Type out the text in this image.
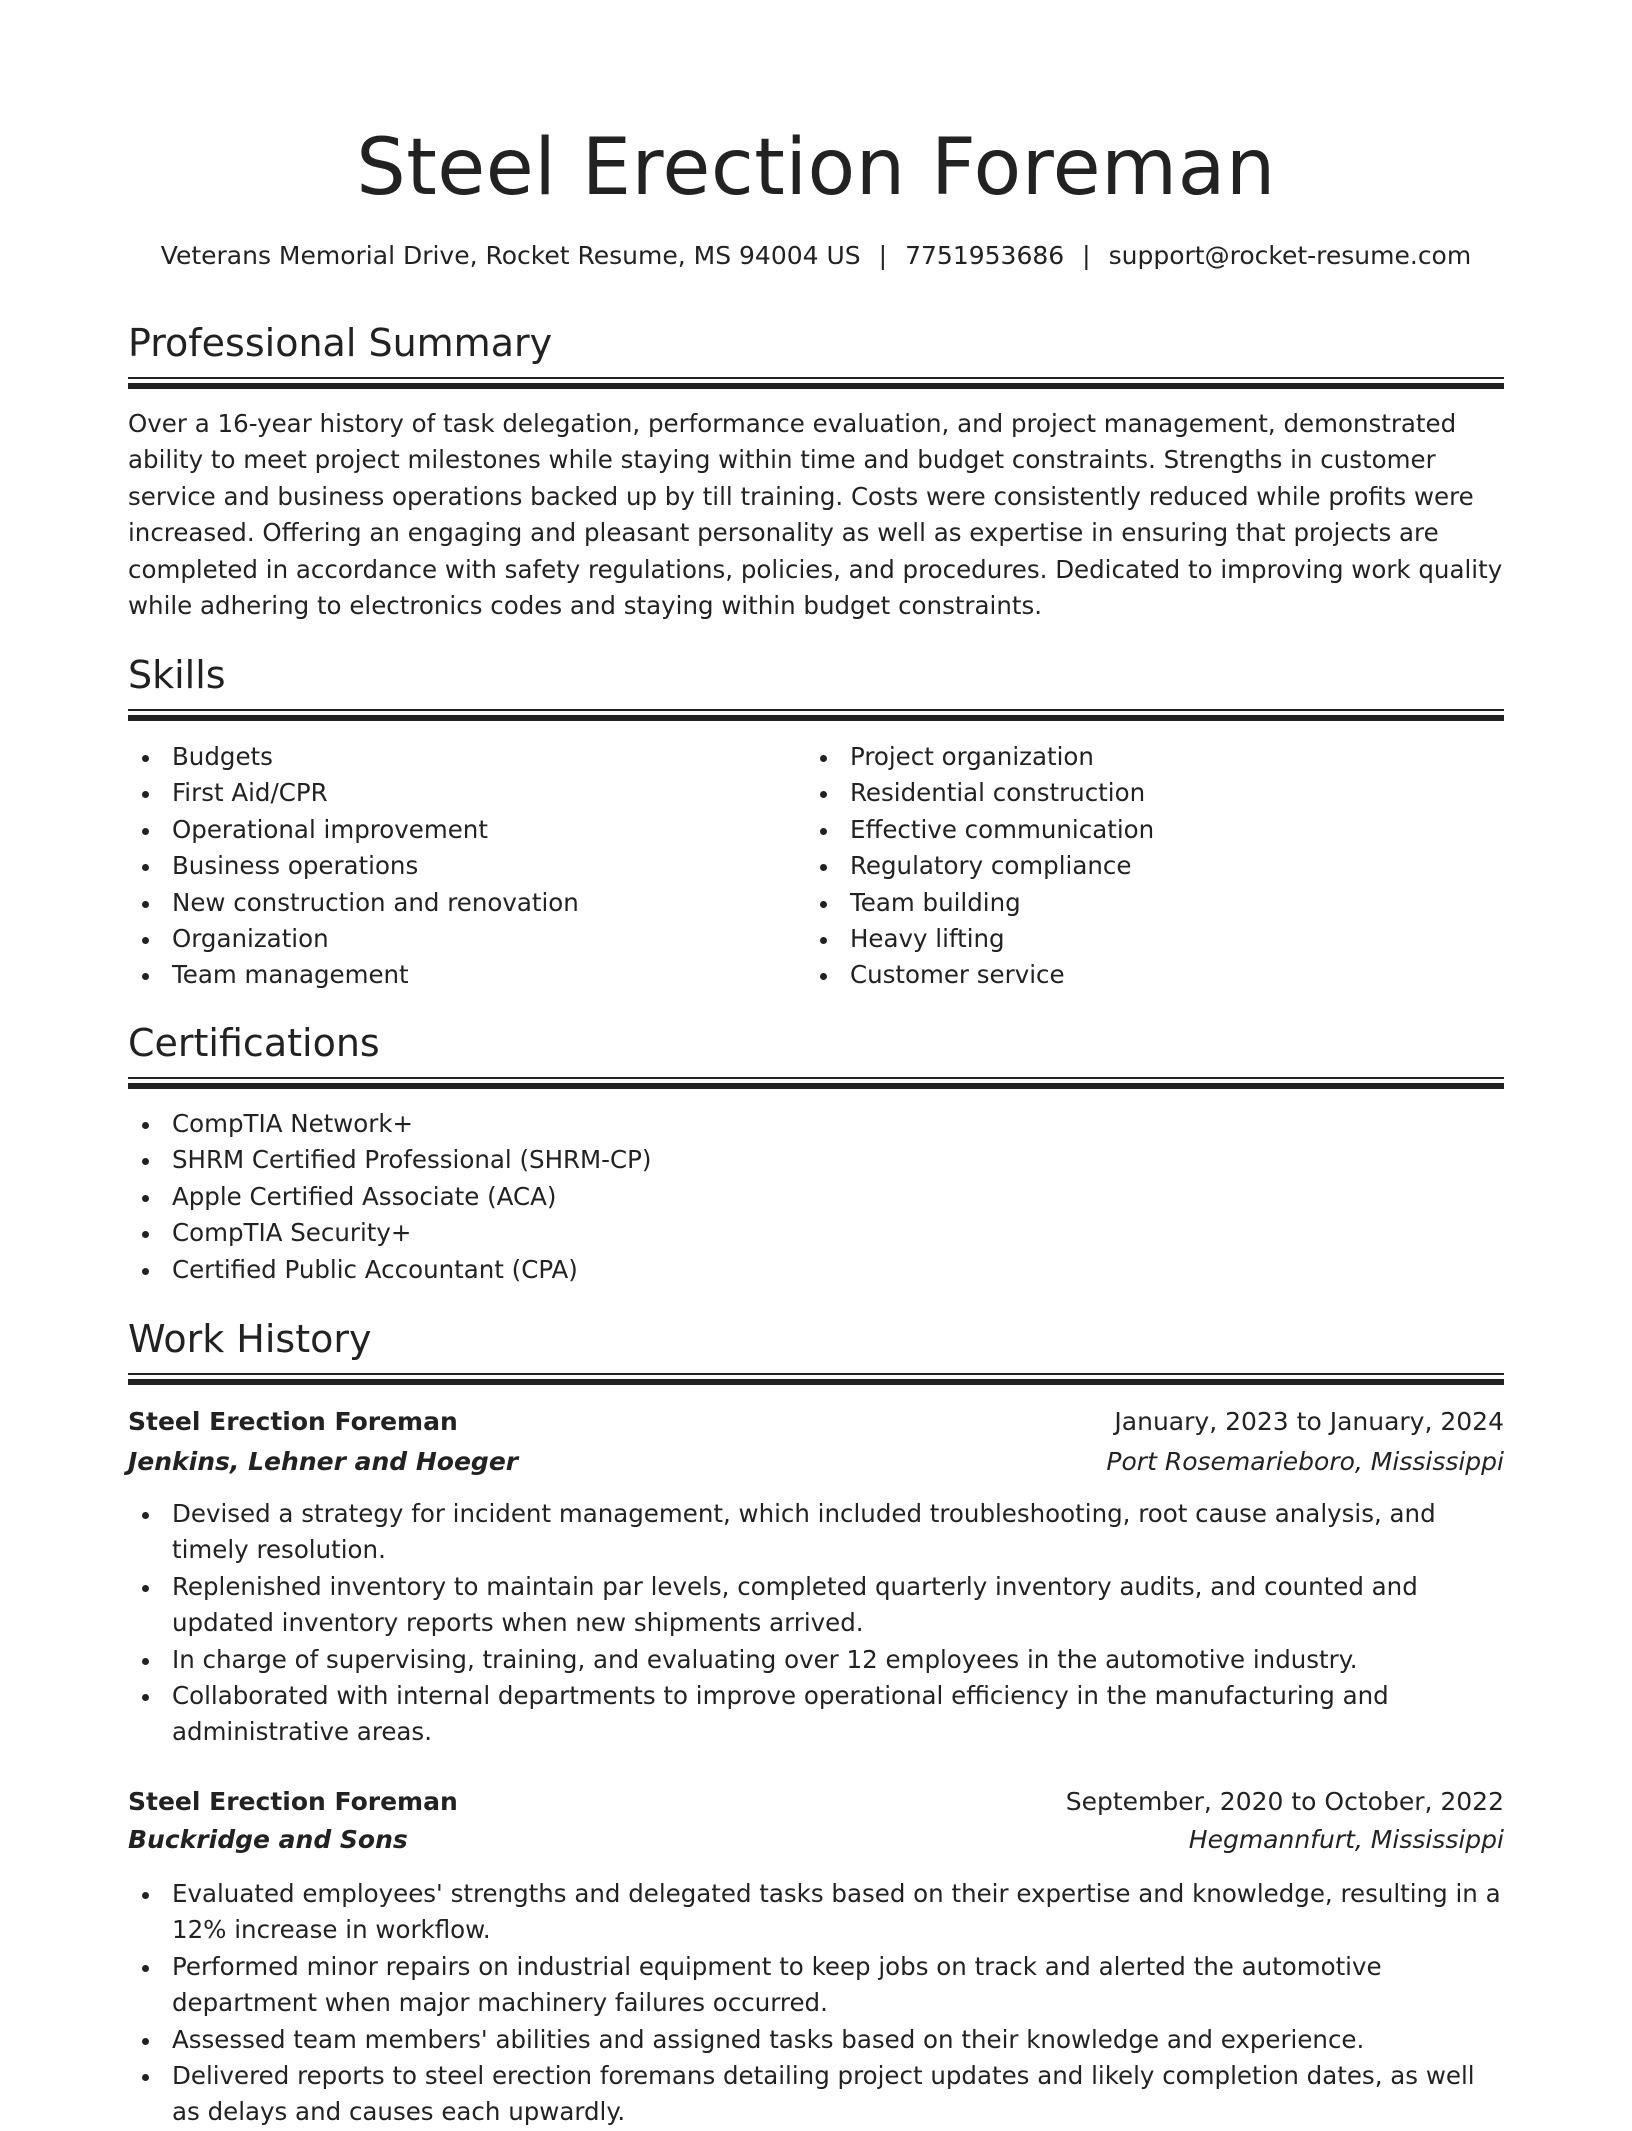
Steel Erection Foreman
Veterans Memorial Drive, Rocket Resume, MS 94004 US | 7751953686 | support@rocket-resume.com
Professional Summary

Over a 16-year history of task delegation, performance evaluation, and project management, demonstrated ability to meet project milestones while staying within time and budget constraints. Strengths in customer service and business operations backed up by till training. Costs were consistently reduced while profits were increased. Offering an engaging and pleasant personality as well as expertise in ensuring that projects are completed in accordance with safety regulations, policies, and procedures. Dedicated to improving work quality while adhering to electronics codes and staying within budget constraints.

Skills
Budgets
First Aid/CPR
Operational improvement
Business operations
New construction and renovation
Organization
Team management
Project organization
Residential construction
Effective communication
Regulatory compliance
Team building
Heavy lifting
Customer service
Certifications
CompTIA Network+
SHRM Certified Professional (SHRM-CP)
Apple Certified Associate (ACA)
CompTIA Security+
Certified Public Accountant (CPA)
Work History
Steel Erection Foreman	January, 2023 to January, 2024
Jenkins, Lehner and Hoeger	Port Rosemarieboro, Mississippi
Devised a strategy for incident management, which included troubleshooting, root cause analysis, and timely resolution.
Replenished inventory to maintain par levels, completed quarterly inventory audits, and counted and updated inventory reports when new shipments arrived.
In charge of supervising, training, and evaluating over 12 employees in the automotive industry.
Collaborated with internal departments to improve operational efficiency in the manufacturing and administrative areas.
Steel Erection Foreman	September, 2020 to October, 2022
Buckridge and Sons	Hegmannfurt, Mississippi
Evaluated employees' strengths and delegated tasks based on their expertise and knowledge, resulting in a 12% increase in workflow.
Performed minor repairs on industrial equipment to keep jobs on track and alerted the automotive department when major machinery failures occurred.
Assessed team members' abilities and assigned tasks based on their knowledge and experience.
Delivered reports to steel erection foremans detailing project updates and likely completion dates, as well as delays and causes each upwardly.
